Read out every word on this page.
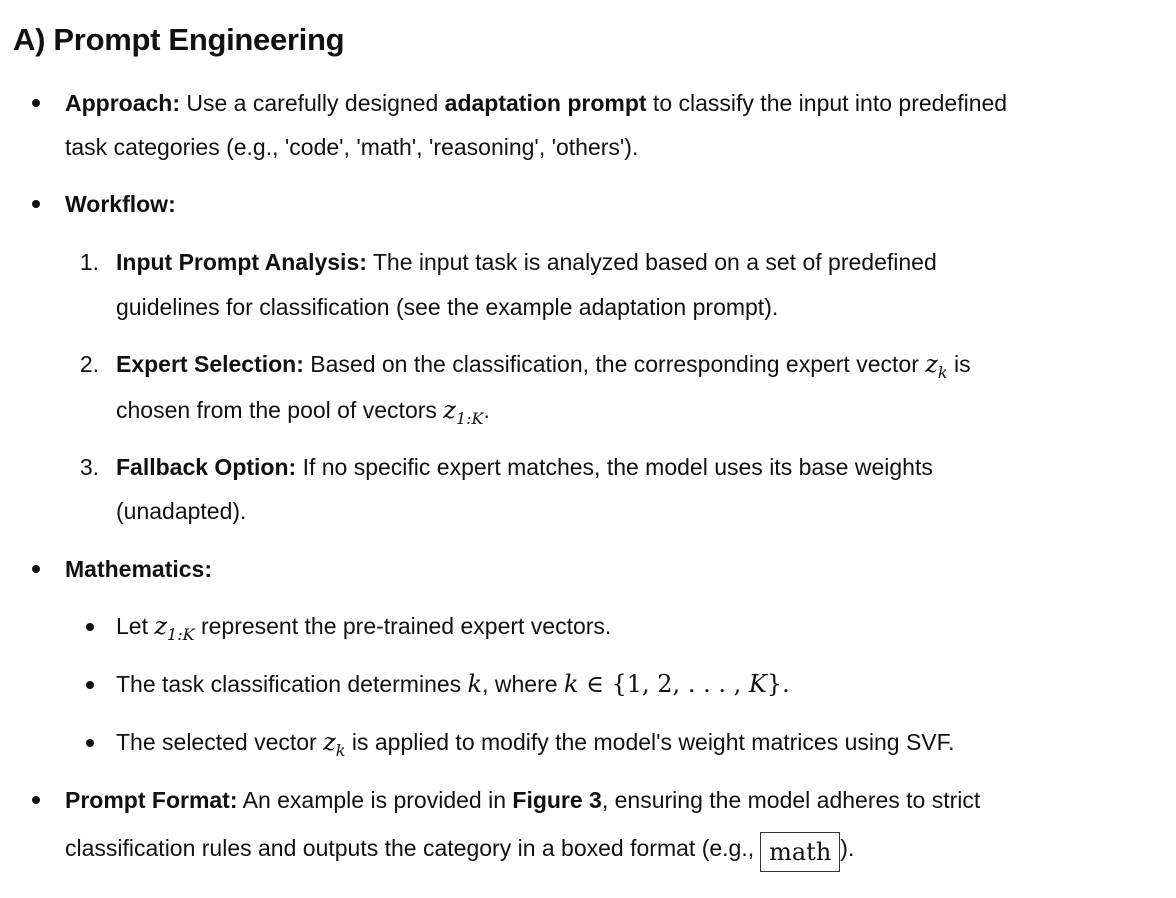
A) Prompt Engineering
Approach: Use a carefully designed adaptation prompt to classify the input into predefined
task categories (e.g., 'code', 'math', 'reasoning', 'others').
Workflow:
1. Input Prompt Analysis: The input task is analyzed based on a set of predefined
guidelines for classification (see the example adaptation prompt).
2. Expert Selection: Based on the classification, the corresponding expert vector $z_k$ is
chosen from the pool of vectors $z_{1:K}$.
3. Fallback Option: If no specific expert matches, the model uses its base weights
(unadapted).
Mathematics:
Let $z_{1:K}$ represent the pre-trained expert vectors.
The task classification determines k, where k ∈ {1, 2, . . . , K}.
The selected vector $z_k$ is applied to modify the model's weight matrices using SVF.
Prompt Format: An example is provided in Figure 3, ensuring the model adheres to strict
classification rules and outputs the category in a boxed format (e.g., math ).
